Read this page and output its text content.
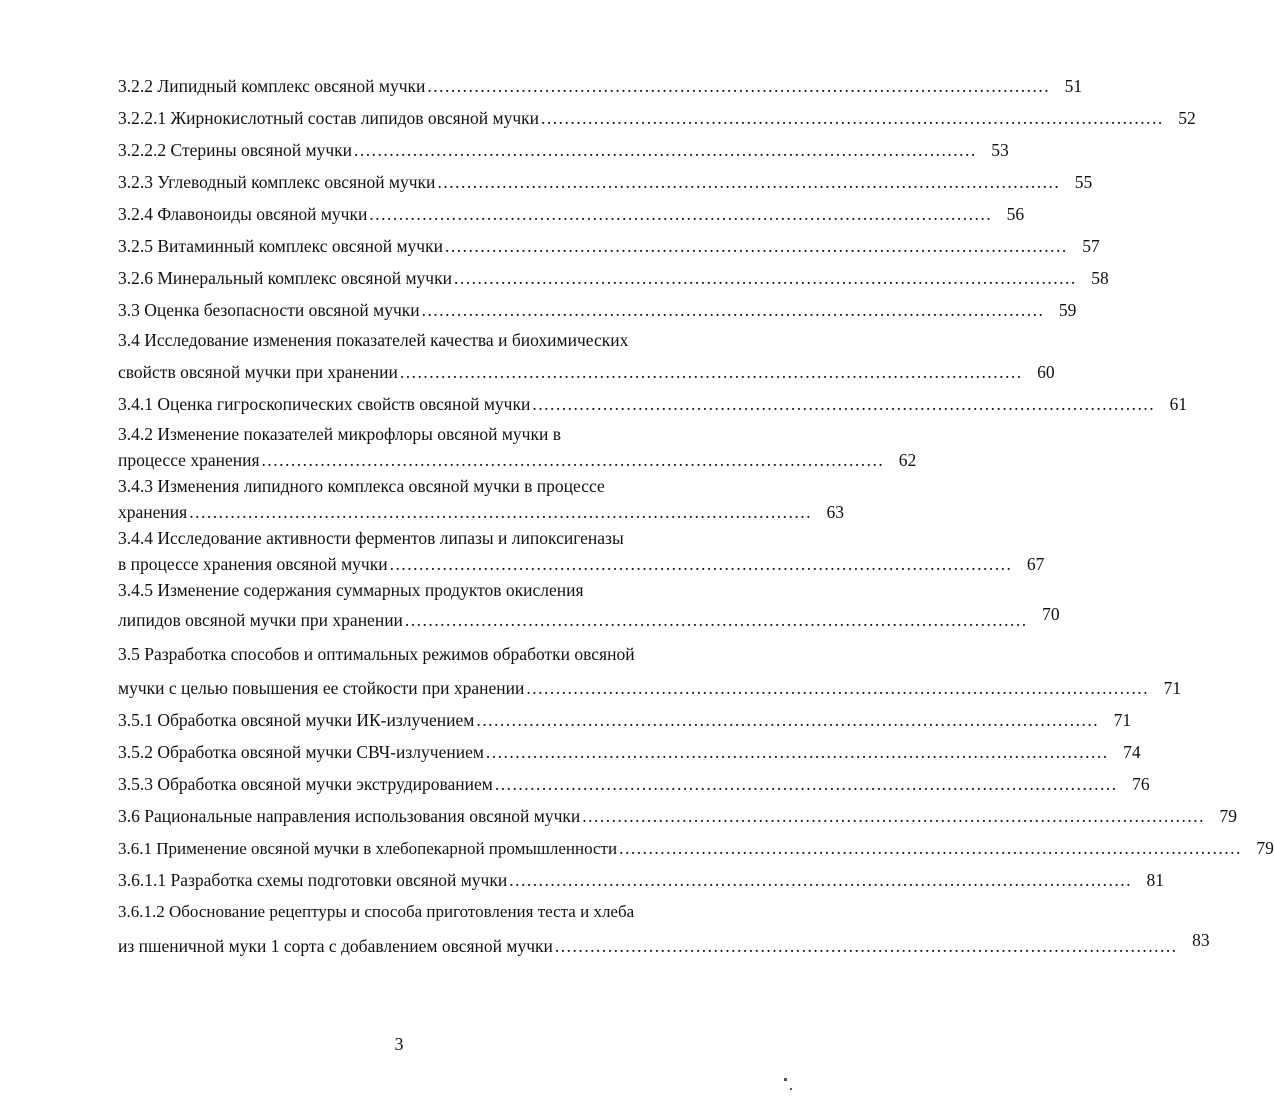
3.2.2 Липидный комплекс овсяной мучки .......................................................................................................... 51
3.2.2.1 Жирнокислотный состав липидов овсяной мучки .......................................................................................................... 52
3.2.2.2 Стерины овсяной мучки .......................................................................................................... 53
3.2.3 Углеводный комплекс овсяной мучки .......................................................................................................... 55
3.2.4 Флавоноиды овсяной мучки .......................................................................................................... 56
3.2.5 Витаминный комплекс овсяной мучки .......................................................................................................... 57
3.2.6 Минеральный комплекс овсяной мучки .......................................................................................................... 58
3.3 Оценка безопасности овсяной мучки .......................................................................................................... 59
3.4 Исследование изменения показателей качества и биохимических
свойств овсяной мучки при хранении .......................................................................................................... 60
3.4.1 Оценка гигроскопических свойств овсяной мучки .......................................................................................................... 61
3.4.2 Изменение показателей микрофлоры овсяной мучки в
процессе хранения .......................................................................................................... 62
3.4.3 Изменения липидного комплекса овсяной мучки в процессе
хранения .......................................................................................................... 63
3.4.4 Исследование активности ферментов липазы и липоксигеназы
в процессе хранения овсяной мучки .......................................................................................................... 67
3.4.5 Изменение содержания суммарных продуктов окисления
липидов овсяной мучки при хранении .......................................................................................................... 70
3.5 Разработка способов и оптимальных режимов обработки овсяной
мучки с целью повышения ее стойкости при хранении .......................................................................................................... 71
3.5.1 Обработка овсяной мучки ИК-излучением .......................................................................................................... 71
3.5.2 Обработка овсяной мучки СВЧ-излучением .......................................................................................................... 74
3.5.3 Обработка овсяной мучки экструдированием .......................................................................................................... 76
3.6 Рациональные направления использования овсяной мучки .......................................................................................................... 79
3.6.1 Применение овсяной мучки в хлебопекарной промышленности .......................................................................................................... 79
3.6.1.1 Разработка схемы подготовки овсяной мучки .......................................................................................................... 81
3.6.1.2 Обоснование рецептуры и способа приготовления теста и хлеба
из пшеничной муки 1 сорта с добавлением овсяной мучки .......................................................................................................... 83
3
